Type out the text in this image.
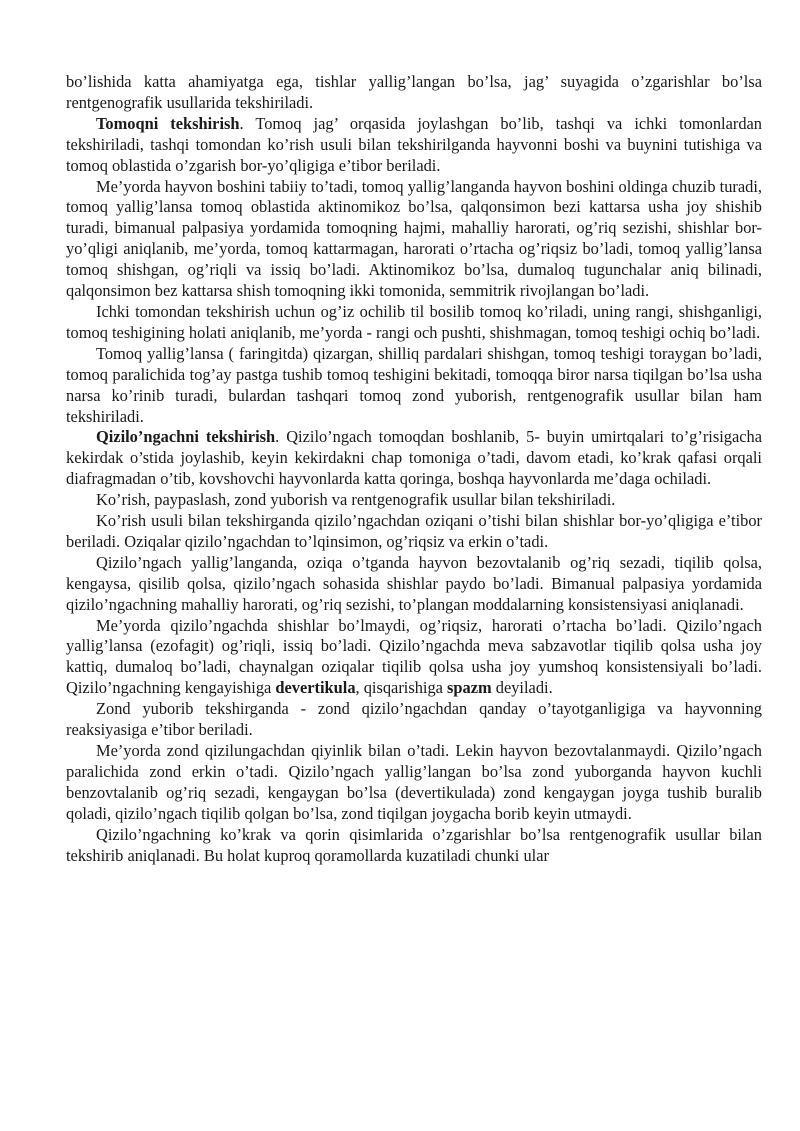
bo’lishida katta ahamiyatga ega, tishlar yallig’langan bo’lsa, jag’ suyagida o’zgarishlar bo’lsa rentgenografik usullarida tekshiriladi.

Tomoqni tekshirish. Tomoq jag’ orqasida joylashgan bo’lib, tashqi va ichki tomonlardan tekshiriladi, tashqi tomondan ko’rish usuli bilan tekshirilganda hayvonni boshi va buynini tutishiga va tomoq oblastida o’zgarish bor-yo’qligiga e’tibor beriladi.

Me’yorda hayvon boshini tabiiy to’tadi, tomoq yallig’langanda hayvon boshini oldinga chuzib turadi, tomoq yallig’lansa tomoq oblastida aktinomikoz bo’lsa, qalqonsimon bezi kattarsa usha joy shishib turadi, bimanual palpasiya yordamida tomoqning hajmi, mahalliy harorati, og’riq sezishi, shishlar bor-yo’qligi aniqlanib, me’yorda, tomoq kattarmagan, harorati o’rtacha og’riqsiz bo’ladi, tomoq yallig’lansa tomoq shishgan, og’riqli va issiq bo’ladi. Aktinomikoz bo’lsa, dumaloq tugunchalar aniq bilinadi, qalqonsimon bez kattarsa shish tomoqning ikki tomonida, semmitrik rivojlangan bo’ladi.

Ichki tomondan tekshirish uchun og’iz ochilib til bosilib tomoq ko’riladi, uning rangi, shishganligi, tomoq teshigining holati aniqlanib, me’yorda - rangi och pushti, shishmagan, tomoq teshigi ochiq bo’ladi.

Tomoq yallig’lansa ( faringitda) qizargan, shilliq pardalari shishgan, tomoq teshigi toraygan bo’ladi, tomoq paralichida tog’ay pastga tushib tomoq teshigini bekitadi, tomoqqa biror narsa tiqilgan bo’lsa usha narsa ko’rinib turadi, bulardan tashqari tomoq zond yuborish, rentgenografik usullar bilan ham tekshiriladi.

Qizilo’ngachni tekshirish. Qizilo’ngach tomoqdan boshlanib, 5- buyin umirtqalari to’g’risigacha kekirdak o’stida joylashib, keyin kekirdakni chap tomoniga o’tadi, davom etadi, ko’krak qafasi orqali diafragmadan o’tib, kovshovchi hayvonlarda katta qoringa, boshqa hayvonlarda me’daga ochiladi.

Ko’rish, paypaslash, zond yuborish va rentgenografik usullar bilan tekshiriladi.

Ko’rish usuli bilan tekshirganda qizilo’ngachdan oziqani o’tishi bilan shishlar bor-yo’qligiga e’tibor beriladi. Oziqalar qizilo’ngachdan to’lqinsimon, og’riqsiz va erkin o’tadi.

Qizilo’ngach yallig’langanda, oziqa o’tganda hayvon bezovtalanib og’riq sezadi, tiqilib qolsa, kengaysa, qisilib qolsa, qizilo’ngach sohasida shishlar paydo bo’ladi. Bimanual palpasiya yordamida qizilo’ngachning mahalliy harorati, og’riq sezishi, to’plangan moddalarning konsistensiyasi aniqlanadi.

Me’yorda qizilo’ngachda shishlar bo’lmaydi, og’riqsiz, harorati o’rtacha bo’ladi. Qizilo’ngach yallig’lansa (ezofagit) og’riqli, issiq bo’ladi. Qizilo’ngachda meva sabzavotlar tiqilib qolsa usha joy kattiq, dumaloq bo’ladi, chaynalgan oziqalar tiqilib qolsa usha joy yumshoq konsistensiyali bo’ladi. Qizilo’ngachning kengayishiga devertikula, qisqarishiga spazm deyiladi.

Zond yuborib tekshirganda - zond qizilo’ngachdan qanday o’tayotganligiga va hayvonning reaksiyasiga e’tibor beriladi.

Me’yorda zond qizilungachdan qiyinlik bilan o’tadi. Lekin hayvon bezovtalanmaydi. Qizilo’ngach paralichida zond erkin o’tadi. Qizilo’ngach yallig’langan bo’lsa zond yuborganda hayvon kuchli benzovtalanib og’riq sezadi, kengaygan bo’lsa (devertikulada) zond kengaygan joyga tushib buralib qoladi, qizilo’ngach tiqilib qolgan bo’lsa, zond tiqilgan joygacha borib keyin utmaydi.

Qizilo’ngachning ko’krak va qorin qisimlarida o’zgarishlar bo’lsa rentgenografik usullar bilan tekshirib aniqlanadi. Bu holat kuproq qoramollarda kuzatiladi chunki ular
